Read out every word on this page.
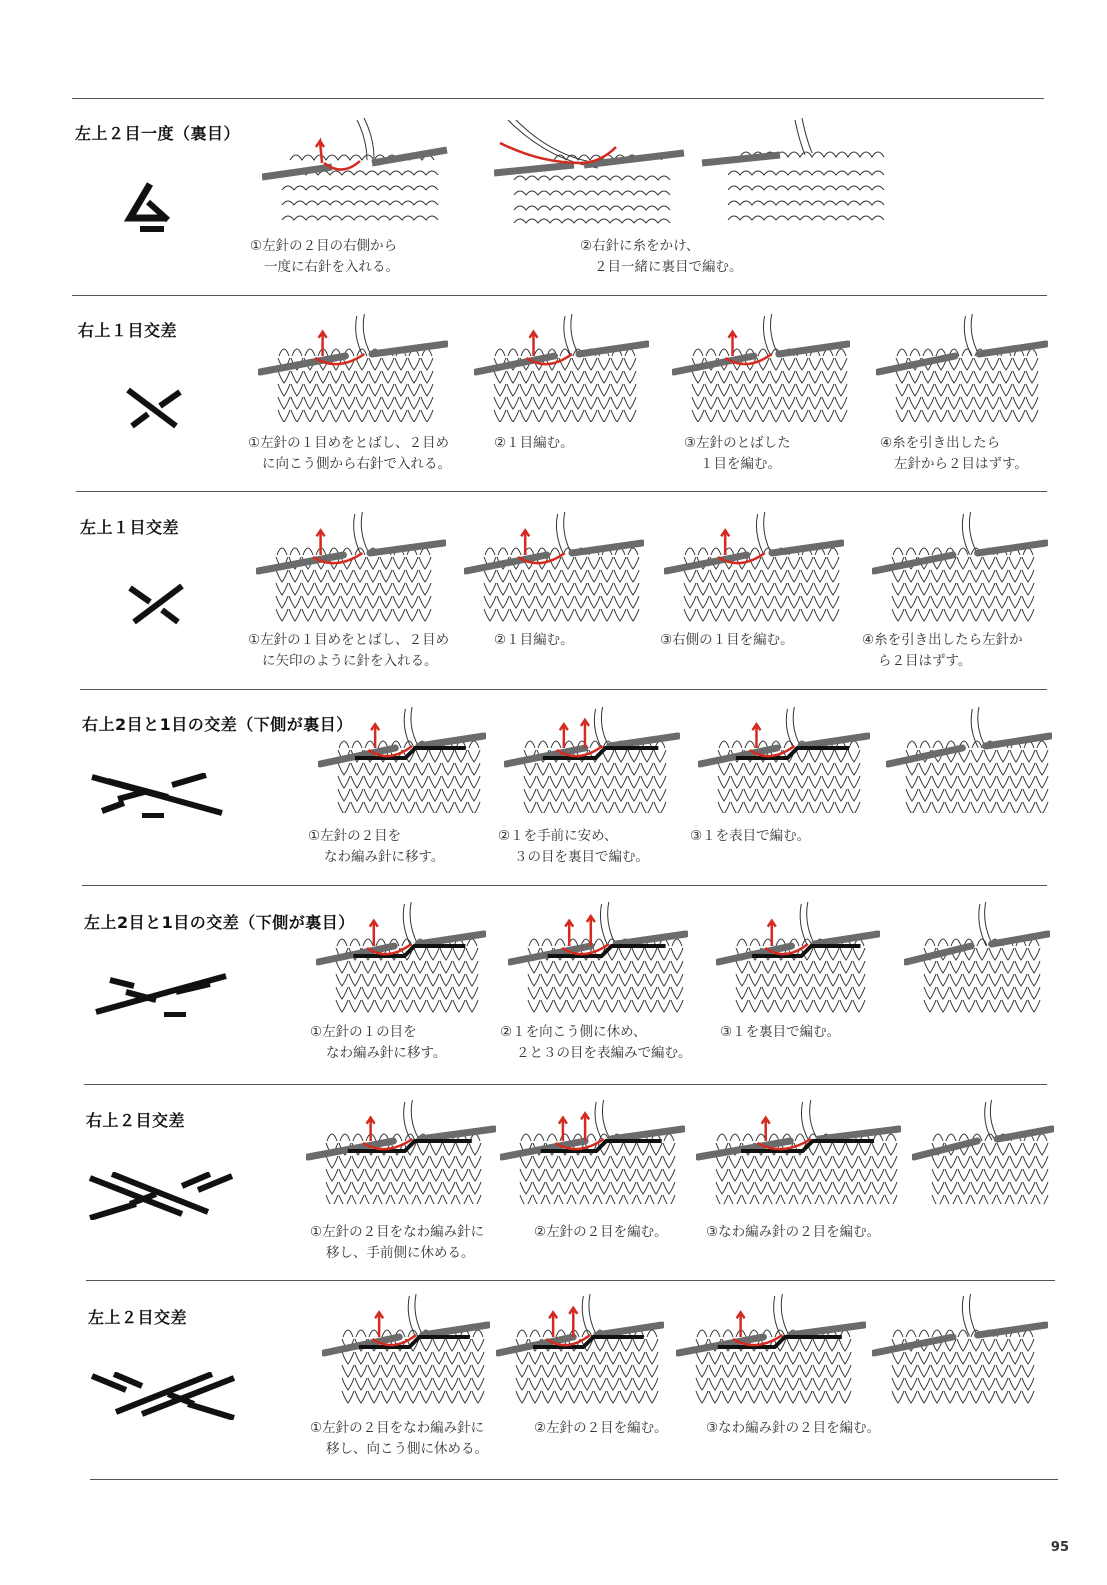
左上２目一度（裏目）
①左針の２目の右側から
一度に右針を入れる。
②右針に糸をかけ、
２目一緒に裏目で編む。
右上１目交差
①左針の１目めをとばし、２目め
に向こう側から右針で入れる。
②１目編む。	③左針のとばした
１目を編む。
④糸を引き出したら
左針から２目はずす。
左上１目交差
①左針の１目めをとばし、２目め
に矢印のように針を入れる。
②１目編む。	③右側の１目を編む。	④糸を引き出したら左針か
ら２目はずす。
右上2目と1目の交差（下側が裏目）
①左針の２目を
なわ編み針に移す。
②１を手前に安め、
３の目を裏目で編む。
③１を表目で編む。
左上2目と1目の交差（下側が裏目）
①左針の１の目を
なわ編み針に移す。
②１を向こう側に休め、
２と３の目を表編みで編む。
③１を裏目で編む。
右上２目交差
①左針の２目をなわ編み針に
移し、手前側に休める。
②左針の２目を編む。	③なわ編み針の２目を編む。
左上２目交差
①左針の２目をなわ編み針に
移し、向こう側に休める。
②左針の２目を編む。	③なわ編み針の２目を編む。
95
